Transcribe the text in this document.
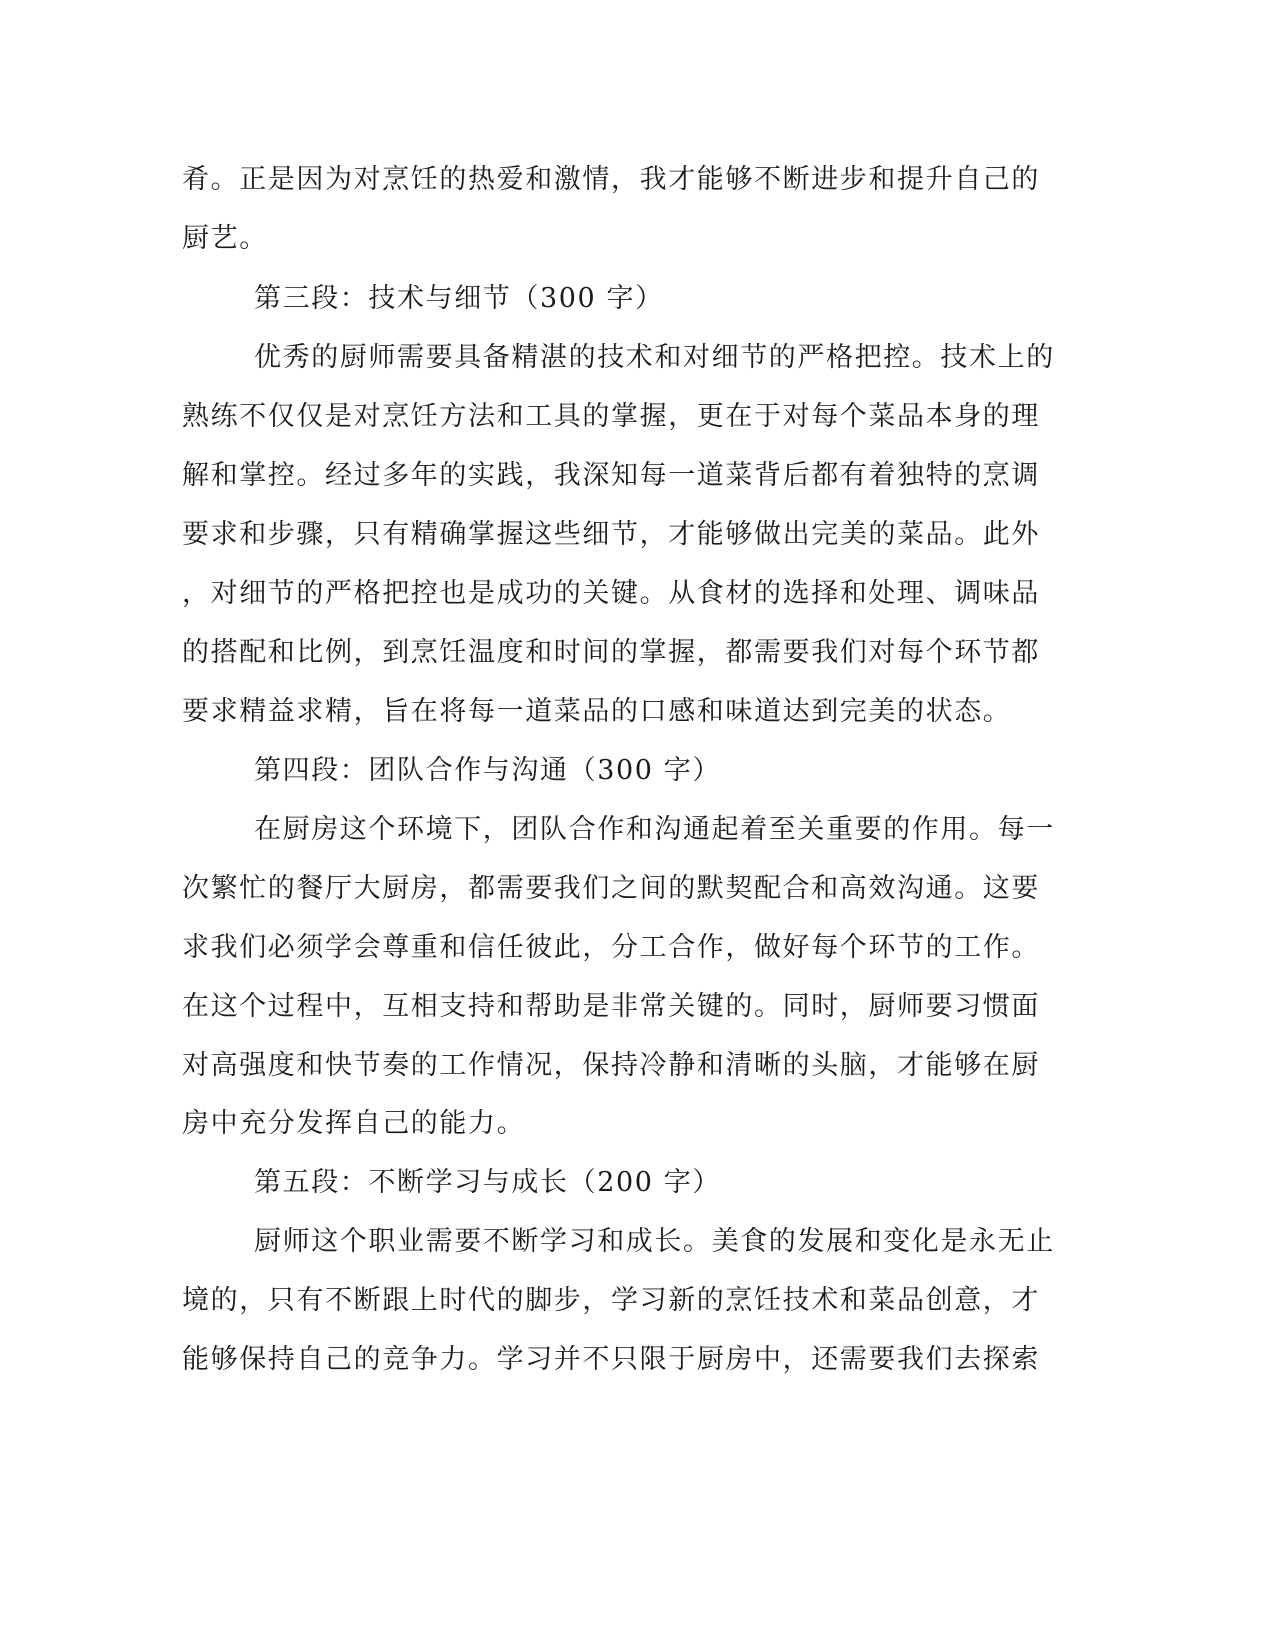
肴。正是因为对烹饪的热爱和激情，我才能够不断进步和提升自己的
厨艺。
第三段：技术与细节（300 字）
优秀的厨师需要具备精湛的技术和对细节的严格把控。技术上的
熟练不仅仅是对烹饪方法和工具的掌握，更在于对每个菜品本身的理
解和掌控。经过多年的实践，我深知每一道菜背后都有着独特的烹调
要求和步骤，只有精确掌握这些细节，才能够做出完美的菜品。此外
，对细节的严格把控也是成功的关键。从食材的选择和处理、调味品
的搭配和比例，到烹饪温度和时间的掌握，都需要我们对每个环节都
要求精益求精，旨在将每一道菜品的口感和味道达到完美的状态。
第四段：团队合作与沟通（300 字）
在厨房这个环境下，团队合作和沟通起着至关重要的作用。每一
次繁忙的餐厅大厨房，都需要我们之间的默契配合和高效沟通。这要
求我们必须学会尊重和信任彼此，分工合作，做好每个环节的工作。
在这个过程中，互相支持和帮助是非常关键的。同时，厨师要习惯面
对高强度和快节奏的工作情况，保持冷静和清晰的头脑，才能够在厨
房中充分发挥自己的能力。
第五段：不断学习与成长（200 字）
厨师这个职业需要不断学习和成长。美食的发展和变化是永无止
境的，只有不断跟上时代的脚步，学习新的烹饪技术和菜品创意，才
能够保持自己的竞争力。学习并不只限于厨房中，还需要我们去探索
